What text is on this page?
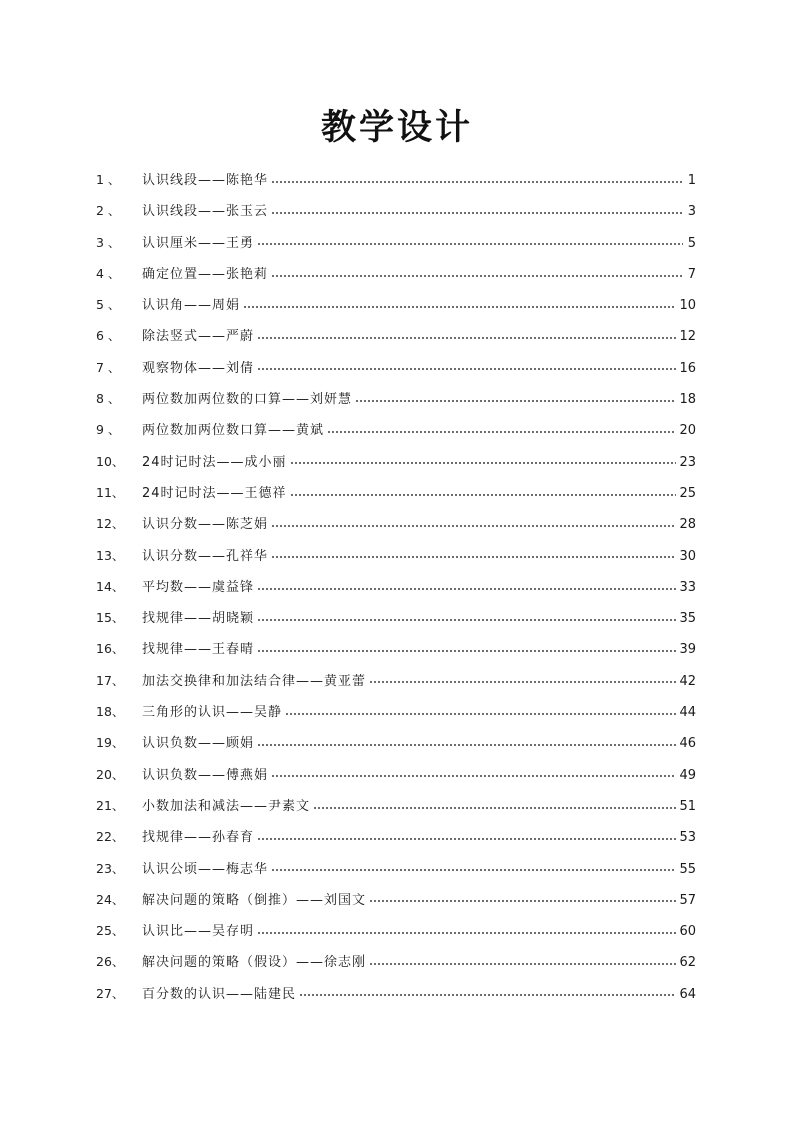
教学设计
1 、	认识线段——陈艳华	1
2 、	认识线段——张玉云	3
3 、	认识厘米——王勇	5
4 、	确定位置——张艳莉	7
5 、	认识角——周娟	10
6 、	除法竖式——严蔚	12
7 、	观察物体——刘倩	16
8 、	两位数加两位数的口算——刘妍慧	18
9 、	两位数加两位数口算——黄斌	20
10、	24时记时法——成小丽	23
11、	24时记时法——王德祥	25
12、	认识分数——陈芝娟	28
13、	认识分数——孔祥华	30
14、	平均数——虞益锋	33
15、	找规律——胡晓颖	35
16、	找规律——王春晴	39
17、	加法交换律和加法结合律——黄亚蕾	42
18、	三角形的认识——吴静	44
19、	认识负数——顾娟	46
20、	认识负数——傅燕娟	49
21、	小数加法和减法——尹素文	51
22、	找规律——孙春育	53
23、	认识公顷——梅志华	55
24、	解决问题的策略（倒推）——刘国文	57
25、	认识比——吴存明	60
26、	解决问题的策略（假设）——徐志刚	62
27、	百分数的认识——陆建民	64
